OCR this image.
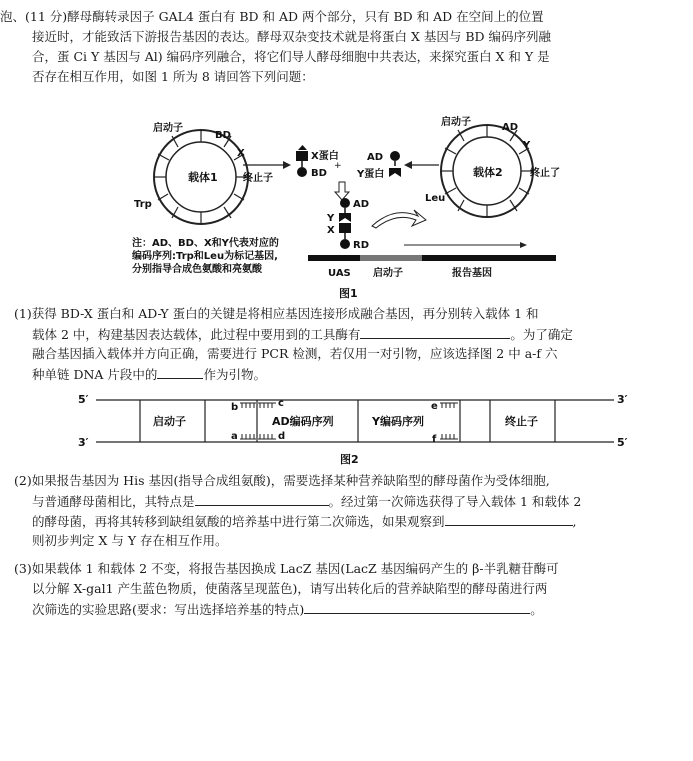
泡、(11 分)酵母酶转录因子 GAL4 蛋白有 BD 和 AD 两个部分，只有 BD 和 AD 在空间上的位置
接近时，才能致活下游报告基因的表达。酵母双杂变技术就是将蛋白 X 基因与 BD 编码序列融
合，蛋 Ci Y 基因与 Al) 编码序列融合，将它们导人酵母细胞中共表达，来探究蛋白 X 和 Y 是
否存在相互作用，如图 1 所为 8 请回答下列问题：
载体1
启动子
BD
X
Trp
终止子
X蛋白
BD
AD
Y蛋白
+	载体2
启动子	AD
Y
Leu
终止了
AD
Y
X
RD
注：AD、BD、X和Y代表对应的
编码序列:Trp和Leu为标记基因,
分别指导合成色氨酸和亮氨酸	UAS 启动子	报告基因
图1
(1)获得 BD-X 蛋白和 AD-Y 蛋白的关键是将相应基因连接形成融合基因，再分别转入载体 1 和
载体 2 中，构建基因表达载体，此过程中要用到的工具酶有	。为了确定
融合基因插入载体并方向正确，需要进行 PCR 检测，若仅用一对引物，应该选择图 2 中 a-f 六
种单链 DNA 片段中的	作为引物。
5′	3′
3′	5′
启动子	AD编码序列	Y编码序列	终止子
b	c
a	d
e
f
图2
(2)如果报告基因为 His 基因(指导合成组氨酸)，需要选择某种营养缺陷型的酵母菌作为受体细胞,
与普通酵母菌相比，其特点是	。经过第一次筛选获得了导入载体 1 和载体 2
的酵母菌，再将其转移到缺组氨酸的培养基中进行第二次筛选，如果观察到	,
则初步判定 X 与 Y 存在相互作用。
(3)如果载体 1 和载体 2 不变，将报告基因换成 LacZ 基因(LacZ 基因编码产生的 β-半乳糖苷酶可
以分解 X-gal1 产生蓝色物质，使菌落呈现蓝色)，请写出转化后的营养缺陷型的酵母菌进行两
次筛选的实验思路(要求：写出选择培养基的特点)	。
